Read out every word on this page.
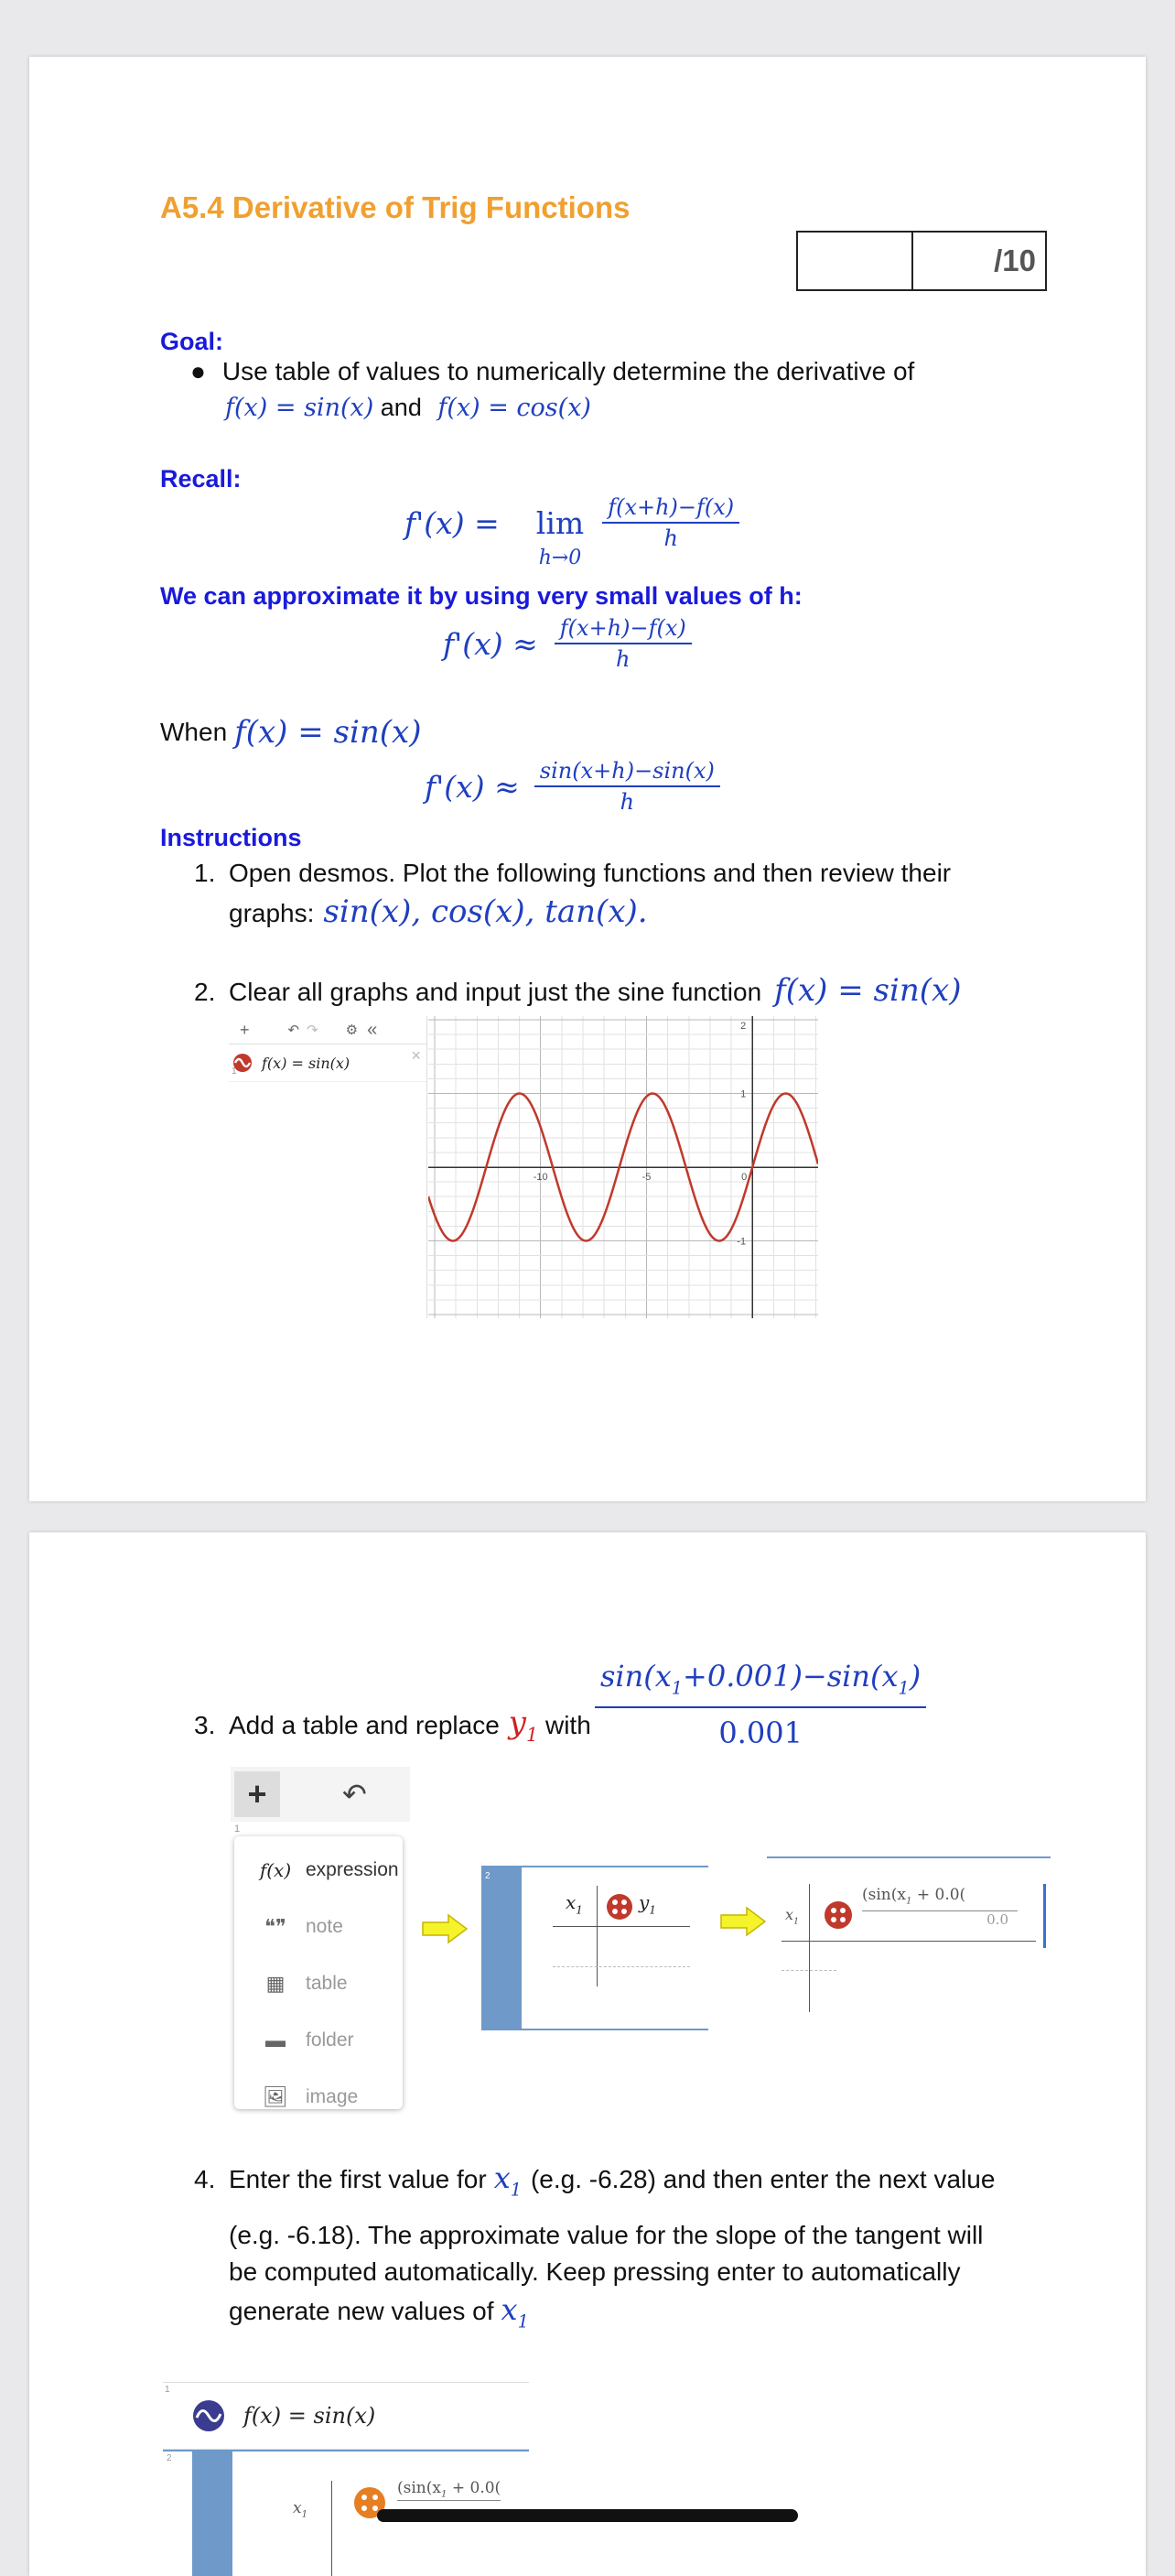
A5.4 Derivative of Trig Functions
/10
Goal:
● Use table of values to numerically determine the derivative of
f(x) = sin(x) and f(x) = cos(x)
Recall:
f'(x) = lim
h→0
$\frac{f(x+h)-f(x)}{h}$
We can approximate it by using very small values of h:
$f'(x) \approx \frac{f(x+h)-f(x)}{h}$
When f(x) = sin(x)
$f'(x) \approx \frac{\sin(x+h)-\sin(x)}{h}$
Instructions
1. Open desmos. Plot the following functions and then review their
graphs: sin(x), cos(x), tan(x).
2. Clear all graphs and input just the sine function f(x) = sin(x)
+	↶ ↷ ⚙ «
1 f(x) = sin(x)	×
-10	-5	0
1
-1
2
3. Add a table and replace $y_1$ with $\frac{\sin(x_1+0.001)-\sin(x_1)}{0.001}$
+	↶
1
f(x) expression
❝❞	note
▦	table
▬	folder
🖼 image
2
$x_1$	$y_1$	$x_1$
($\sin(x_1 + 0.0$(
0.0
4. Enter the first value for $x_1$ (e.g. -6.28) and then enter the next value
(e.g. -6.18). The approximate value for the slope of the tangent will
be computed automatically. Keep pressing enter to automatically
generate new values of $x_1$
1
f(x) = sin(x)
2
$x_1$
($\sin(x_1 + 0.0$(
